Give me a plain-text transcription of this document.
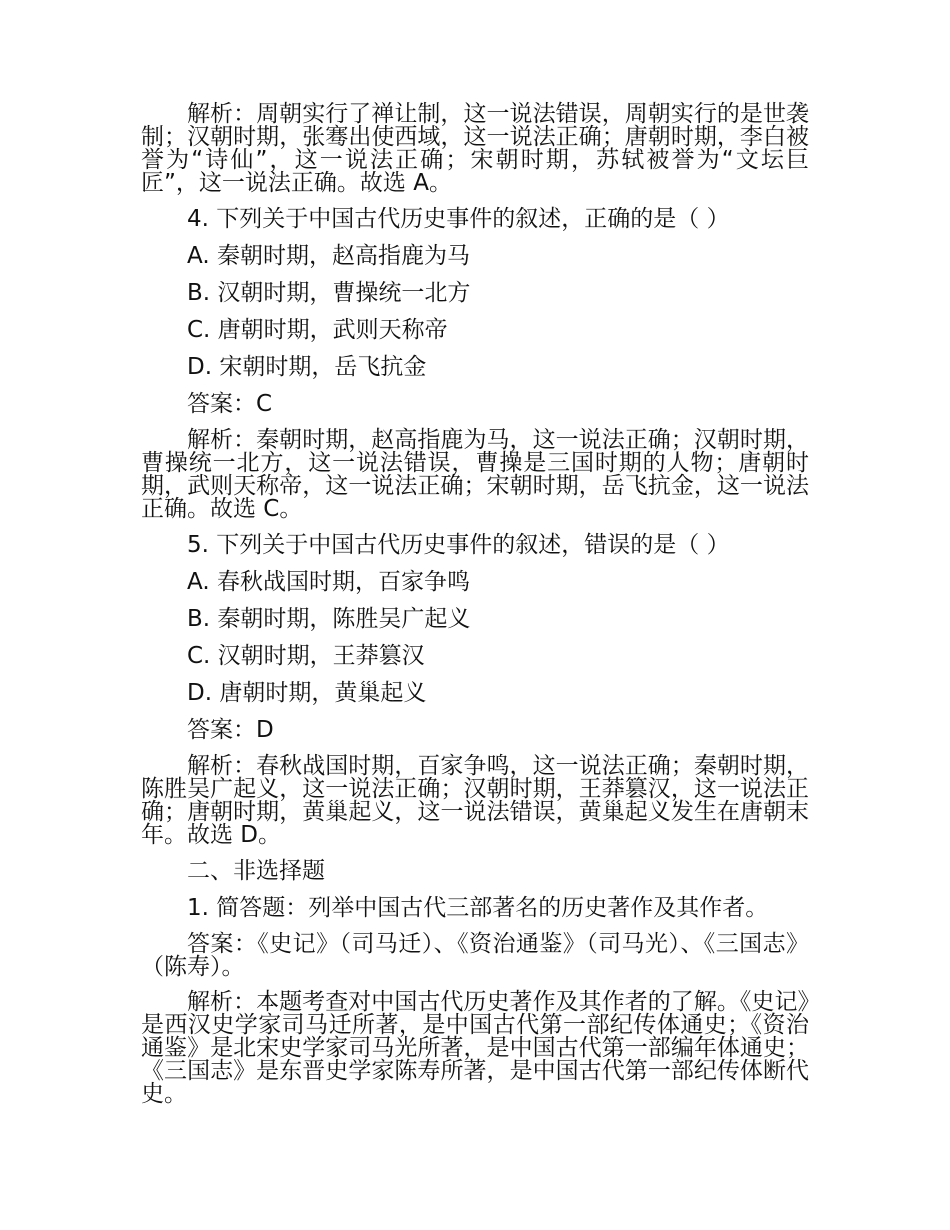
解析：周朝实行了禅让制，这一说法错误，周朝实行的是世袭制；汉朝时期，张骞出使西域，这一说法正确；唐朝时期，李白被誉为“诗仙”，这一说法正确；宋朝时期，苏轼被誉为“文坛巨匠”，这一说法正确。故选 A。

4. 下列关于中国古代历史事件的叙述，正确的是（ ）

A. 秦朝时期，赵高指鹿为马

B. 汉朝时期，曹操统一北方

C. 唐朝时期，武则天称帝

D. 宋朝时期，岳飞抗金

答案：C

解析：秦朝时期，赵高指鹿为马，这一说法正确；汉朝时期，曹操统一北方，这一说法错误，曹操是三国时期的人物；唐朝时期，武则天称帝，这一说法正确；宋朝时期，岳飞抗金，这一说法正确。故选 C。

5. 下列关于中国古代历史事件的叙述，错误的是（ ）

A. 春秋战国时期，百家争鸣

B. 秦朝时期，陈胜吴广起义

C. 汉朝时期，王莽篡汉

D. 唐朝时期，黄巢起义

答案：D

解析：春秋战国时期，百家争鸣，这一说法正确；秦朝时期，陈胜吴广起义，这一说法正确；汉朝时期，王莽篡汉，这一说法正确；唐朝时期，黄巢起义，这一说法错误，黄巢起义发生在唐朝末年。故选 D。

二、非选择题

1. 简答题：列举中国古代三部著名的历史著作及其作者。

答案：《史记》（司马迁）、《资治通鉴》（司马光）、《三国志》（陈寿）。

解析：本题考查对中国古代历史著作及其作者的了解。《史记》是西汉史学家司马迁所著，是中国古代第一部纪传体通史；《资治通鉴》是北宋史学家司马光所著，是中国古代第一部编年体通史；《三国志》是东晋史学家陈寿所著，是中国古代第一部纪传体断代史。
